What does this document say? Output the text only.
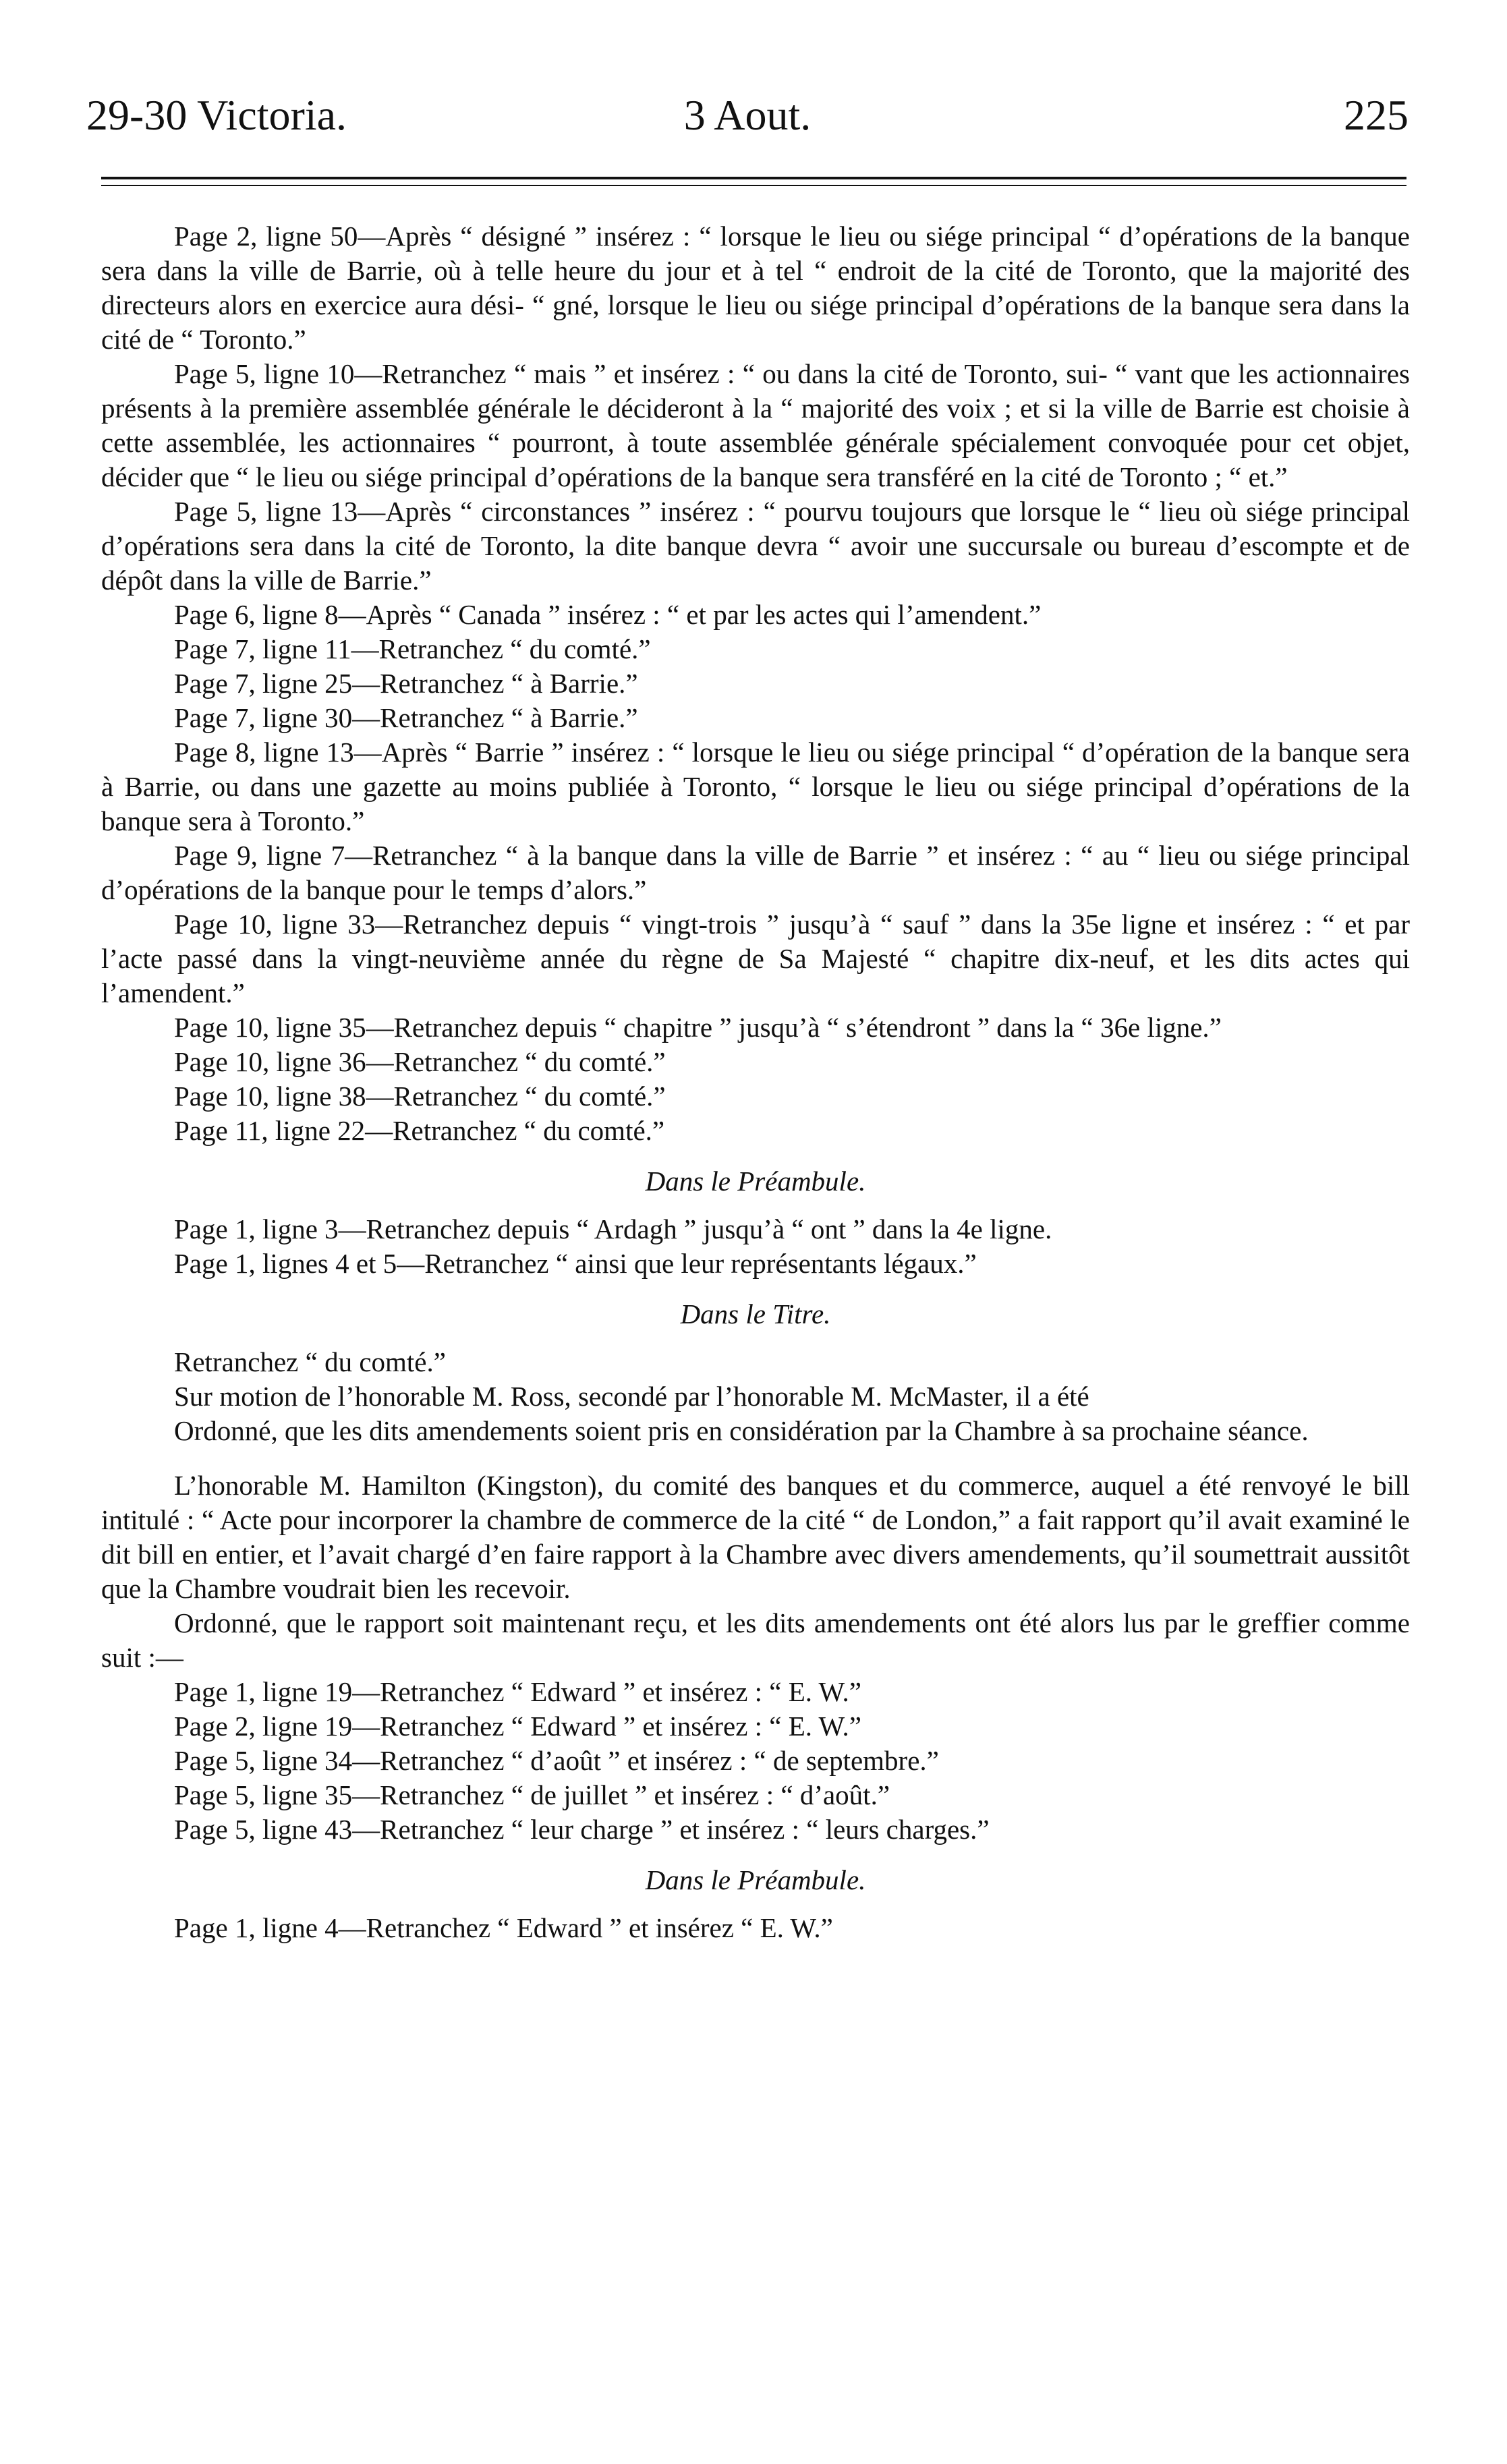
29-30 Victoria.	3 Aout.	225

Page 2, ligne 50—Après “ désigné ” insérez : “ lorsque le lieu ou siége principal “ d’opérations de la banque sera dans la ville de Barrie, où à telle heure du jour et à tel “ endroit de la cité de Toronto, que la majorité des directeurs alors en exercice aura dési- “ gné, lorsque le lieu ou siége principal d’opérations de la banque sera dans la cité de “ Toronto.”

Page 5, ligne 10—Retranchez “ mais ” et insérez : “ ou dans la cité de Toronto, sui- “ vant que les actionnaires présents à la première assemblée générale le décideront à la “ majorité des voix ; et si la ville de Barrie est choisie à cette assemblée, les actionnaires “ pourront, à toute assemblée générale spécialement convoquée pour cet objet, décider que “ le lieu ou siége principal d’opérations de la banque sera transféré en la cité de Toronto ; “ et.”

Page 5, ligne 13—Après “ circonstances ” insérez : “ pourvu toujours que lorsque le “ lieu où siége principal d’opérations sera dans la cité de Toronto, la dite banque devra “ avoir une succursale ou bureau d’escompte et de dépôt dans la ville de Barrie.”

Page 6, ligne 8—Après “ Canada ” insérez : “ et par les actes qui l’amendent.”

Page 7, ligne 11—Retranchez “ du comté.”

Page 7, ligne 25—Retranchez “ à Barrie.”

Page 7, ligne 30—Retranchez “ à Barrie.”

Page 8, ligne 13—Après “ Barrie ” insérez : “ lorsque le lieu ou siége principal “ d’opération de la banque sera à Barrie, ou dans une gazette au moins publiée à Toronto, “ lorsque le lieu ou siége principal d’opérations de la banque sera à Toronto.”

Page 9, ligne 7—Retranchez “ à la banque dans la ville de Barrie ” et insérez : “ au “ lieu ou siége principal d’opérations de la banque pour le temps d’alors.”

Page 10, ligne 33—Retranchez depuis “ vingt-trois ” jusqu’à “ sauf ” dans la 35e ligne et insérez : “ et par l’acte passé dans la vingt-neuvième année du règne de Sa Majesté “ chapitre dix-neuf, et les dits actes qui l’amendent.”

Page 10, ligne 35—Retranchez depuis “ chapitre ” jusqu’à “ s’étendront ” dans la “ 36e ligne.”

Page 10, ligne 36—Retranchez “ du comté.”

Page 10, ligne 38—Retranchez “ du comté.”

Page 11, ligne 22—Retranchez “ du comté.”

Dans le Préambule.

Page 1, ligne 3—Retranchez depuis “ Ardagh ” jusqu’à “ ont ” dans la 4e ligne.

Page 1, lignes 4 et 5—Retranchez “ ainsi que leur représentants légaux.”

Dans le Titre.

Retranchez “ du comté.”

Sur motion de l’honorable M. Ross, secondé par l’honorable M. McMaster, il a été

Ordonné, que les dits amendements soient pris en considération par la Chambre à sa prochaine séance.

L’honorable M. Hamilton (Kingston), du comité des banques et du commerce, auquel a été renvoyé le bill intitulé : “ Acte pour incorporer la chambre de commerce de la cité “ de London,” a fait rapport qu’il avait examiné le dit bill en entier, et l’avait chargé d’en faire rapport à la Chambre avec divers amendements, qu’il soumettrait aussitôt que la Chambre voudrait bien les recevoir.

Ordonné, que le rapport soit maintenant reçu, et les dits amendements ont été alors lus par le greffier comme suit :—

Page 1, ligne 19—Retranchez “ Edward ” et insérez : “ E. W.”

Page 2, ligne 19—Retranchez “ Edward ” et insérez : “ E. W.”

Page 5, ligne 34—Retranchez “ d’août ” et insérez : “ de septembre.”

Page 5, ligne 35—Retranchez “ de juillet ” et insérez : “ d’août.”

Page 5, ligne 43—Retranchez “ leur charge ” et insérez : “ leurs charges.”

Dans le Préambule.

Page 1, ligne 4—Retranchez “ Edward ” et insérez “ E. W.”
